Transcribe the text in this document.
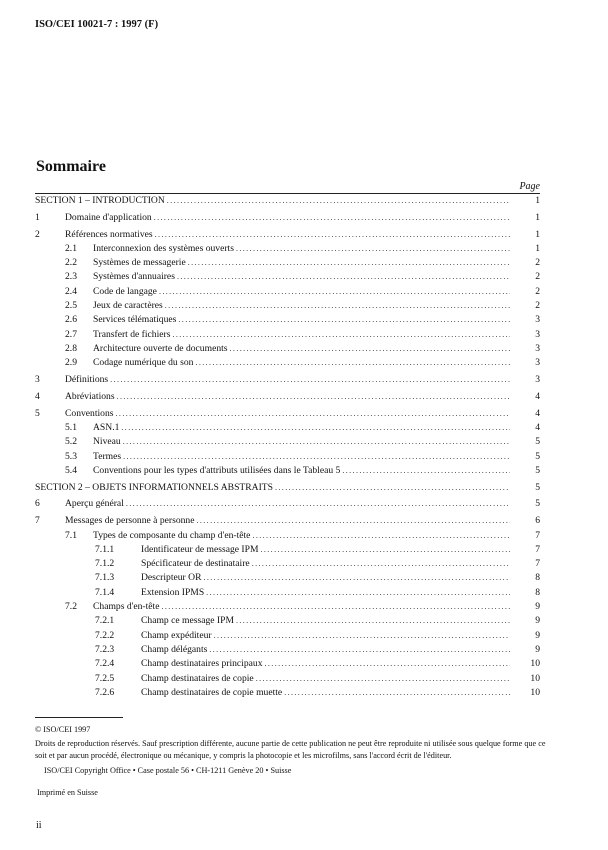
ISO/CEI 10021-7 : 1997 (F)
Sommaire
Page
SECTION 1 – INTRODUCTION .....	1
1	Domaine d'application .....	1
2	Références normatives .....	1
2.1 Interconnexion des systèmes ouverts .....	1
2.2 Systèmes de messagerie .....	2
2.3 Systèmes d'annuaires .....	2
2.4 Code de langage .....	2
2.5 Jeux de caractères .....	2
2.6 Services télématiques .....	3
2.7 Transfert de fichiers .....	3
2.8 Architecture ouverte de documents .....	3
2.9 Codage numérique du son .....	3
3	Définitions .....	3
4	Abréviations .....	4
5	Conventions .....	4
5.1 ASN.1 .....	4
5.2 Niveau .....	5
5.3 Termes .....	5
5.4 Conventions pour les types d'attributs utilisées dans le Tableau 5 .....	5
SECTION 2 – OBJETS INFORMATIONNELS ABSTRAITS .....	5
6	Aperçu général .....	5
7	Messages de personne à personne .....	6
7.1 Types de composante du champ d'en-tête .....	7
7.1.1	Identificateur de message IPM .....	7
7.1.2	Spécificateur de destinataire .....	7
7.1.3	Descripteur OR .....	8
7.1.4	Extension IPMS .....	8
7.2 Champs d'en-tête .....	9
7.2.1	Champ ce message IPM .....	9
7.2.2	Champ expéditeur .....	9
7.2.3	Champ délégants .....	9
7.2.4	Champ destinataires principaux .....	10
7.2.5	Champ destinataires de copie .....	10
7.2.6	Champ destinataires de copie muette .....	10

© ISO/CEI 1997

Droits de reproduction réservés. Sauf prescription différente, aucune partie de cette publication ne peut être reproduite ni utilisée sous quelque forme que ce soit et par aucun procédé, électronique ou mécanique, y compris la photocopie et les microfilms, sans l'accord écrit de l'éditeur.

ISO/CEI Copyright Office • Case postale 56 • CH-1211 Genève 20 • Suisse

Imprimé en Suisse

ii
